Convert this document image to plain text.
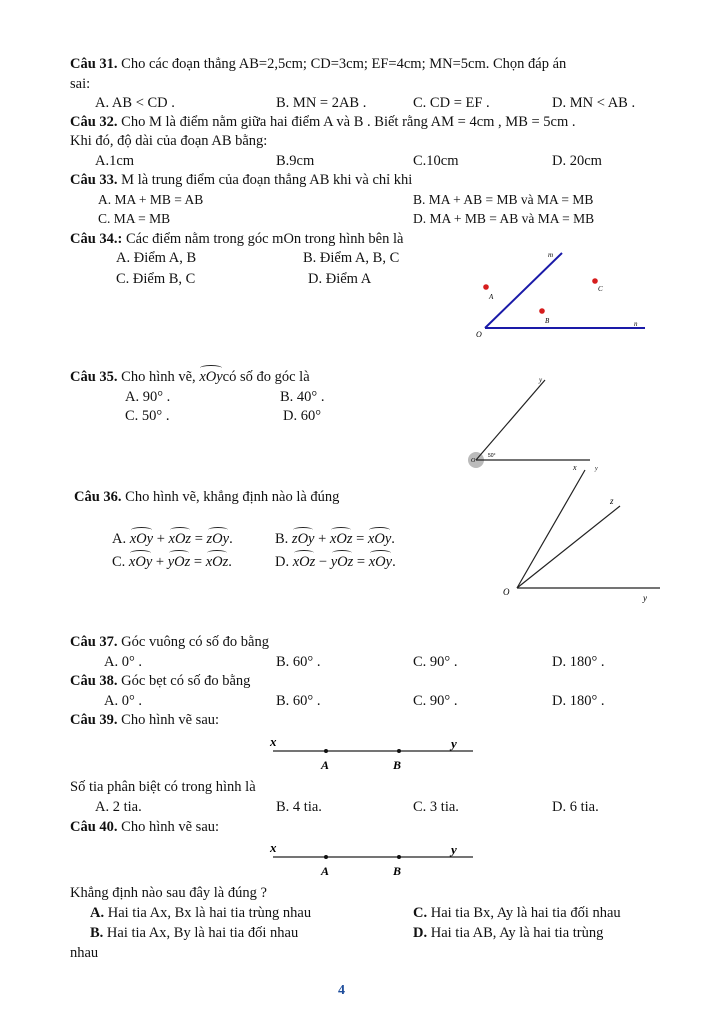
Câu 31. Cho các đoạn thẳng AB=2,5cm; CD=3cm; EF=4cm; MN=5cm. Chọn đáp án
sai:
A. AB < CD .	B. MN = 2AB .	C. CD = EF .	D. MN < AB .
Câu 32. Cho M là điểm nằm giữa hai điểm A và B . Biết rằng AM = 4cm , MB = 5cm .
Khi đó, độ dài của đoạn AB bằng:
A.1cm	B.9cm	C.10cm	D. 20cm
Câu 33. M là trung điểm của đoạn thẳng AB khi và chỉ khi
A. MA + MB = AB	B. MA + AB = MB và MA = MB
C. MA = MB	D. MA + MB = AB và MA = MB
Câu 34.: Các điểm nằm trong góc mOn trong hình bên là
A. Điểm A, B	B. Điểm A, B, C
C. Điểm B, C	D. Điểm A
m
n
O
A
B
C
Câu 35. Cho hình vẽ, xOycó số đo góc là
A. 90° .	B. 40° .
C. 50° .	D. 60°
y
x	y
O
50°
Câu 36. Cho hình vẽ, khẳng định nào là đúng
A. xOy + xOz = zOy.	B. zOy + xOz = xOy.
C. xOy + yOz = xOz.	D. xOz − yOz = xOy.
z
O
y
Câu 37. Góc vuông có số đo bằng
A. 0° .	B. 60° .	C. 90° .	D. 180° .
Câu 38. Góc bẹt có số đo bằng
A. 0° .	B. 60° .	C. 90° .	D. 180° .
Câu 39. Cho hình vẽ sau:
x	y
A	B
Số tia phân biệt có trong hình là
A. 2 tia.	B. 4 tia.	C. 3 tia.	D. 6 tia.
Câu 40. Cho hình vẽ sau:
x	y
A	B
Khẳng định nào sau đây là đúng ?
A. Hai tia Ax, Bx là hai tia trùng nhau	C. Hai tia Bx, Ay là hai tia đối nhau
B. Hai tia Ax, By là hai tia đối nhau	D. Hai tia AB, Ay là hai tia trùng
nhau
4
